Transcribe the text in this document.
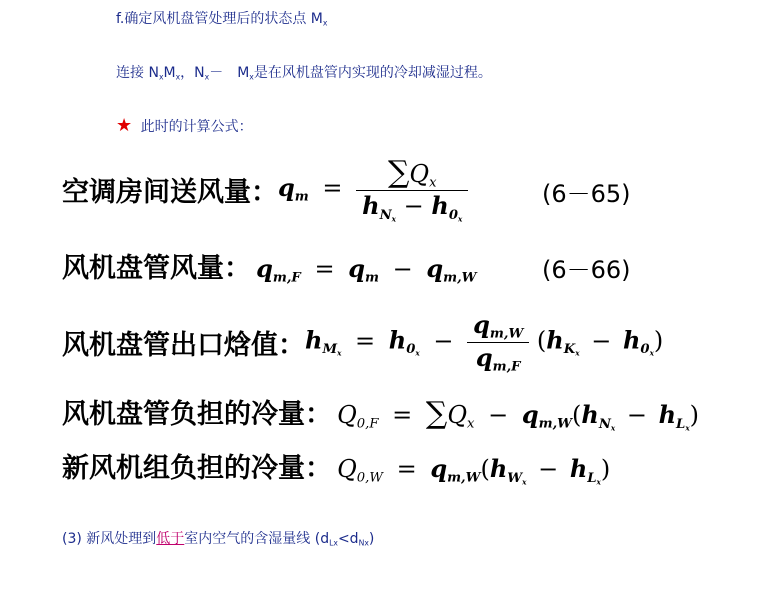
f.确定风机盘管处理后的状态点 $M_x$
连接 $N_xM_x$，$N_x-$　$M_x$是在风机盘管内实现的冷却减湿过程。
★ 此时的计算公式：
空调房间送风量： $q_m = \frac{\sum Q_x}{h_{N_x} - h_{0_x}}$	(6－65)
风机盘管风量： $q_{m,F} = q_m - q_{m,W}$	(6－66)
风机盘管出口焓值： $h_{M_x} = h_{0_x} - \frac{q_{m,W}}{q_{m,F}} (h_{K_x} - h_{0_x})$
风机盘管负担的冷量： $Q_{0,F} = \sum Q_x - q_{m,W}(h_{N_x} - h_{L_x})$
新风机组负担的冷量： $Q_{0,W} = q_{m,W}(h_{W_x} - h_{L_x})$
(3) 新风处理到低于室内空气的含湿量线 $(d_{Lx}<d_{Nx})$
